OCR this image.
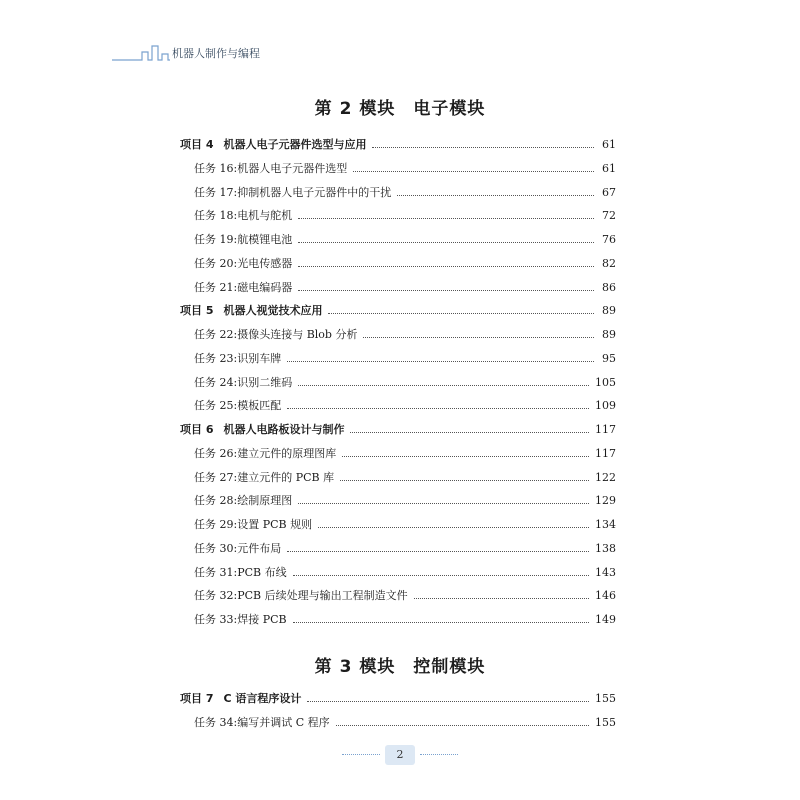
机器人制作与编程
第 2 模块 电子模块
项目 4 机器人电子元器件选型与应用	61
任务 16:机器人电子元器件选型	61
任务 17:抑制机器人电子元器件中的干扰	67
任务 18:电机与舵机	72
任务 19:航模锂电池	76
任务 20:光电传感器	82
任务 21:磁电编码器	86
项目 5 机器人视觉技术应用	89
任务 22:摄像头连接与 Blob 分析	89
任务 23:识别车牌	95
任务 24:识别二维码	105
任务 25:模板匹配	109
项目 6 机器人电路板设计与制作	117
任务 26:建立元件的原理图库	117
任务 27:建立元件的 PCB 库	122
任务 28:绘制原理图	129
任务 29:设置 PCB 规则	134
任务 30:元件布局	138
任务 31:PCB 布线	143
任务 32:PCB 后续处理与输出工程制造文件	146
任务 33:焊接 PCB	149
第 3 模块 控制模块
项目 7 C 语言程序设计	155
任务 34:编写并调试 C 程序	155
2
